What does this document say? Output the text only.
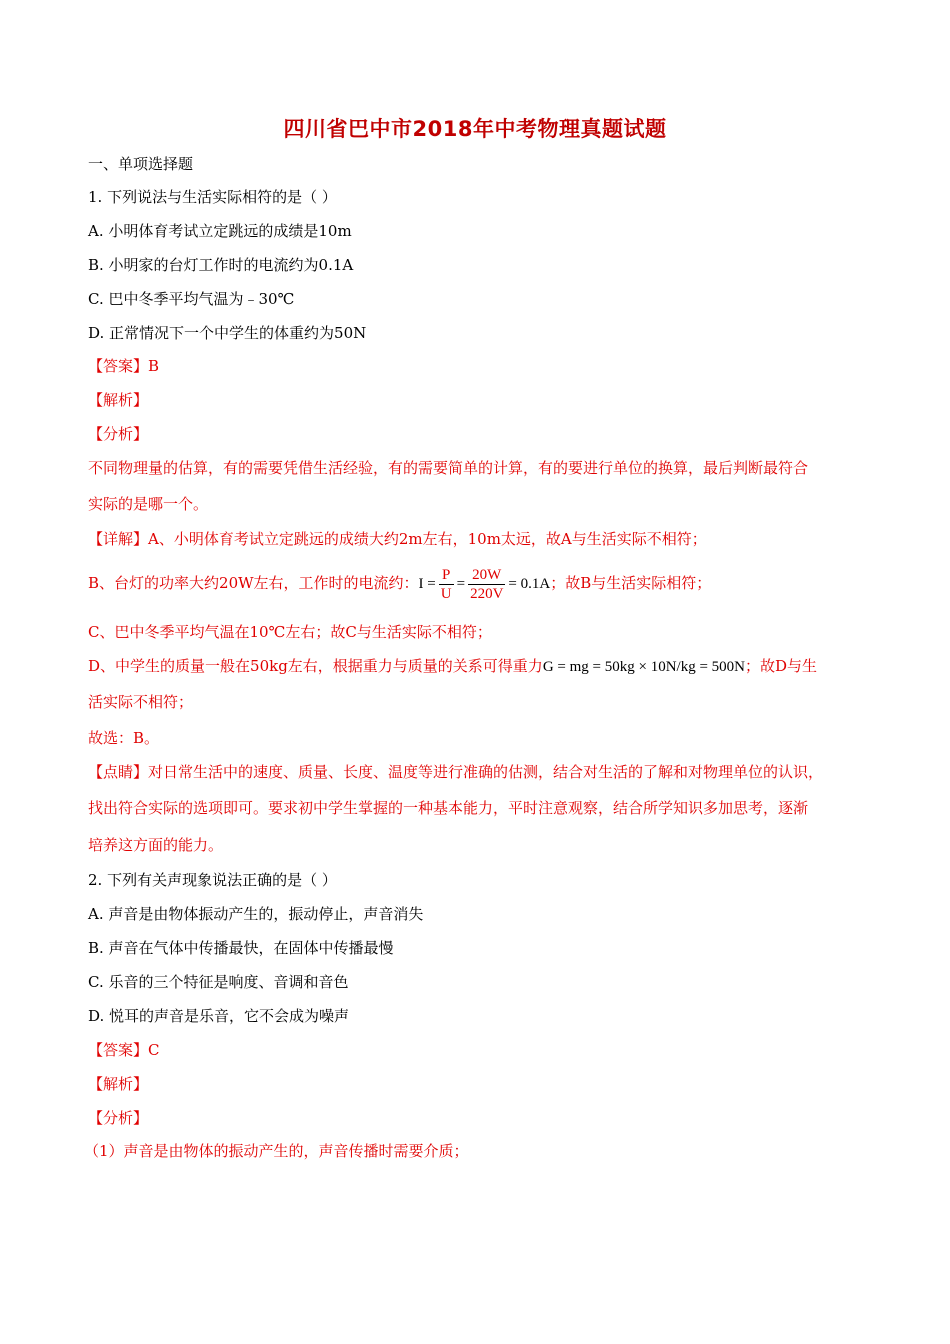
四川省巴中市2018年中考物理真题试题
一、单项选择题
1. 下列说法与生活实际相符的是（ ）
A. 小明体育考试立定跳远的成绩是10m
B. 小明家的台灯工作时的电流约为0.1A
C. 巴中冬季平均气温为﹣30℃
D. 正常情况下一个中学生的体重约为50N
【答案】B
【解析】
【分析】
不同物理量的估算，有的需要凭借生活经验，有的需要简单的计算，有的要进行单位的换算，最后判断最符合
实际的是哪一个。
【详解】A、小明体育考试立定跳远的成绩大约2m左右，10m太远，故A与生活实际不相符；
B、台灯的功率大约20W左右，工作时的电流约：$I = \frac{P}{U} = \frac{20W}{220V} = 0.1A$；故B与生活实际相符；
C、巴中冬季平均气温在10℃左右；故C与生活实际不相符；
D、中学生的质量一般在50kg左右，根据重力与质量的关系可得重力G = mg = 50kg × 10N/kg = 500N；故D与生
活实际不相符；
故选：B。
【点睛】对日常生活中的速度、质量、长度、温度等进行准确的估测，结合对生活的了解和对物理单位的认识，
找出符合实际的选项即可。要求初中学生掌握的一种基本能力，平时注意观察，结合所学知识多加思考，逐渐
培养这方面的能力。
2. 下列有关声现象说法正确的是（ ）
A. 声音是由物体振动产生的，振动停止，声音消失
B. 声音在气体中传播最快，在固体中传播最慢
C. 乐音的三个特征是响度、音调和音色
D. 悦耳的声音是乐音，它不会成为噪声
【答案】C
【解析】
【分析】
（1）声音是由物体的振动产生的，声音传播时需要介质；
